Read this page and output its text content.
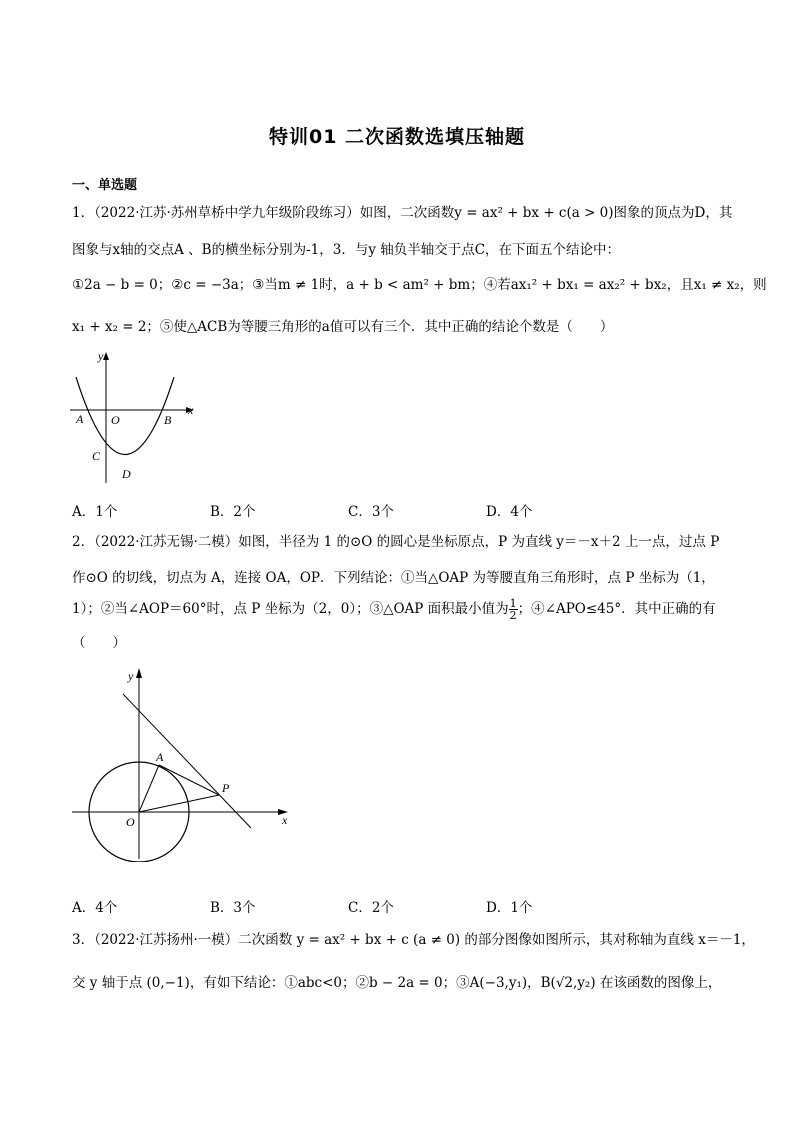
特训01 二次函数选填压轴题
一、单选题
1．（2022·江苏·苏州草桥中学九年级阶段练习）如图，二次函数y = ax² + bx + c(a > 0)图象的顶点为D，其
图象与x轴的交点A 、B的横坐标分别为-1，3．与y 轴负半轴交于点C，在下面五个结论中：
①2a − b = 0；②c = −3a；③当m ≠ 1时，a + b < am² + bm；④若ax₁² + bx₁ = ax₂² + bx₂，且x₁ ≠ x₂，则
x₁ + x₂ = 2；⑤使△ACB为等腰三角形的a值可以有三个．其中正确的结论个数是（　　）
y
x
A O	B
C
D
A．1个	B．2个	C．3个	D．4个
2．（2022·江苏无锡·二模）如图，半径为 1 的⊙O 的圆心是坐标原点，P 为直线 y＝－x＋2 上一点，过点 P
作⊙O 的切线，切点为 A，连接 OA，OP．下列结论：①当△OAP 为等腰直角三角形时，点 P 坐标为（1，
1）；②当∠AOP＝60°时，点 P 坐标为（2，0）；③△OAP 面积最小值为 $\frac{1}{2}$ ；④∠APO≤45°．其中正确的有
（　　）
y
x
A
O
P
A．4个	B．3个	C．2个	D．1个
3．（2022·江苏扬州·一模）二次函数 y = ax² + bx + c (a ≠ 0) 的部分图像如图所示，其对称轴为直线 x＝－1，
交 y 轴于点 (0,−1)，有如下结论：①abc<0；②b − 2a = 0；③A(−3,y₁)，B(√2,y₂) 在该函数的图像上，
